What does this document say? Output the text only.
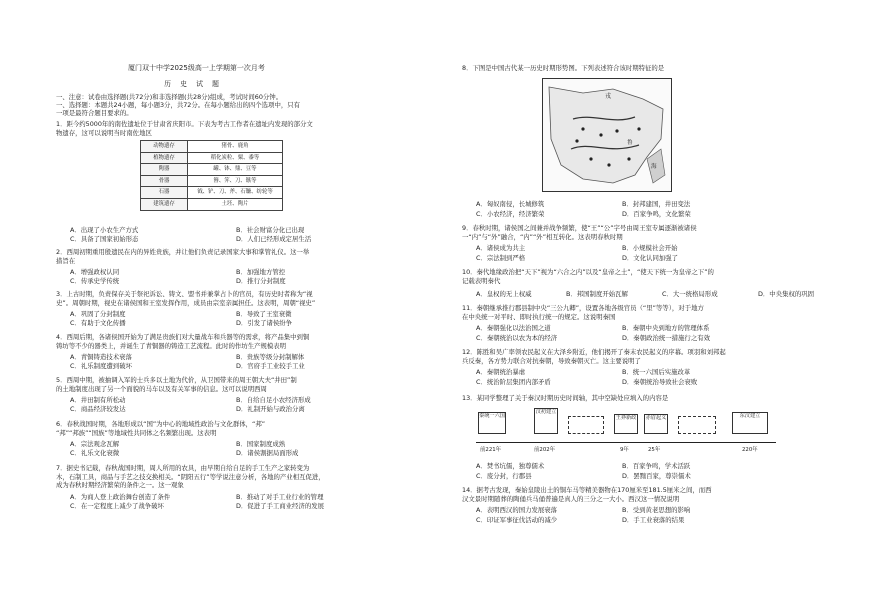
厦门双十中学2025级高一上学期第一次月考
历　史　试　题
一、注意：试卷由选择题(共72分)和非选择题(共28分)组成，考试时间60分钟。
一、选择题：本题共24小题，每小题3分，共72分。在每小题给出的四个选项中，只有
一项是最符合题目要求的。
1．距今约5000年的南佐遗址位于甘肃省庆阳市。下表为考古工作者在遗址内发现的部分文
物遗存，这可以说明当时南佐地区
动物遗存	猪骨、鹿角
植物遗存	稻化炭粒、粟、黍等
陶器	罐、钵、鼎、豆等
骨器	簪、笄、刀、镞等
石器	钺、铲、刀、斧、石镰、纺轮等
建筑遗存	土坯、陶片
A．出现了小农生产方式	B．社会财富分化已出现
C．具备了国家初始形态	D．人们已经形成定居生活
2．西周初期重用殷遗民在内的异姓贵族，并让他们负责记录国家大事和掌管礼仪。这一举
措旨在
A．增强政权认同	B．加强地方管控
C．传承史学传统	D．推行分封制度
3．上古时期，负责保存关于祭祀诉讼、铸文、盟书并兼掌占卜的官员，有历史时者称为“视
史”。周朝时期，视史在诸侯国和王室发挥作用，成员由宗室亲属担任。这表明，周朝“视史”
A．巩固了分封制度	B．导致了王室衰微
C．有助于文化传播	D．引发了诸侯纷争
4．西周后期，各诸侯国开始为了满足贵族们对大量战车和兵器等的需求，将产品集中到铜
铸坊等不少的器类上，并诞生了青铜器的铸造工艺流程。此时的作坊生产规模表明
A．青铜铸造技术衰落	B．贵族等级分封制解体
C．礼乐制度遭到破坏	D．官府手工业较手工业
5．西周中期，被抽调入军的士兵多以土地为代价，从卫国带来的周王朝大夫“井田”制
的土地制度出现了另一个面貌的马车以及有关军事的信息。这可以说明西周
A．井田制有所松动	B．自给自足小农经济形成
C．商品经济较发达	D．礼制开始与政治分离
6．春秋战国时期，各地形成以“国”为中心的地域性政治与文化群体，“邦”
“邦”“邦族”“国族”等地域性共同体之名频繁出现。这表明
A．宗法观念瓦解	B．国家制度成熟
C．礼乐文化衰微	D．诸侯割据局面形成
7．据史书记载，春秋战国时期，周人所用的农具，由早期自给自足的手工生产之家转变为
木，石制工具，商品与手艺之技交换相关。“阴阳五行”等学说注意分析，各地的产业相互促进，
成为春秋时期经济繁荣的条件之一。这一观象
A．为商人登上政治舞台创造了条件	B．推动了对手工业行业的管理
C．在一定程度上减少了战争破坏	D．促进了手工商业经济的发展
8．下图是中国古代某一历史时期形势图。下列表述符合该时期特征的是
戎
鲁
海
A．匈奴南侵，长城修筑	B．封邦建国，井田变法
C．小农经济，经济繁荣	D．百家争鸣，文化繁荣
9．春秋时期，诸侯国之间兼并战争频繁，使“王”“公”字号由周王室专属逐渐被诸侯
一“内”与“外”融合，“内”“外”相互转化。这表明春秋时期
A．诸侯成为共主	B．小规模社会开始
C．宗法制到严格	D．文化认同加强了
10．秦代地缘政治把“天下”视为“六合之内”以及“皇帝之土”，“使天下统一为皇帝之下”的
记载表明秦代
A．皇权的无上权威	B．邦国制度开始瓦解	C．大一统格局形成	D．中央集权的巩固
11．秦朝继承推行郡县制中央“三公九卿”，设置各地各级官员（“里”等等），对于地方
在中央统一对平时、即时执行统一的规定。这说明秦国
A．秦朝强化以法治国之道	B．秦朝中央到地方的管理体系
C．秦朝统治以农为本的经济	D．秦朝政治统一措施行之有效
12．陈胜和吴广率领农民起义在大泽乡附近，他们揭开了秦末农民起义的序幕。项羽和刘邦起
兵反秦，各方势力联合对抗秦朝，导致秦朝灭亡。这主要说明了
A．秦朝统治暴虐	B．统一六国后实施改革
C．统治阶层集团内部矛盾	D．秦朝统治导致社会衰败
13．某同学整理了关于秦汉时期历史时间轴，其中空缺处应填入的内容是
秦统一六国
汉初建立
王莽新政	赤眉起义	东汉建立
前221年	前202年	9年	25年	220年
A．焚书坑儒，独尊儒术	B．百家争鸣，学术活跃
C．废分封，行郡县	D．罢黜百家，尊崇儒术
14．据考古发现，秦始皇陵出土的铜车马等精美器物在170厘米至181.5厘米之间，而西
汉文景时期随葬的陶俑兵马俑普遍是真人的三分之一大小。西汉这一情况说明
A．表明西汉的国力发展衰落	B．受到黄老思想的影响
C．印证军事征伐活动的减少	D．手工业衰落的结果
